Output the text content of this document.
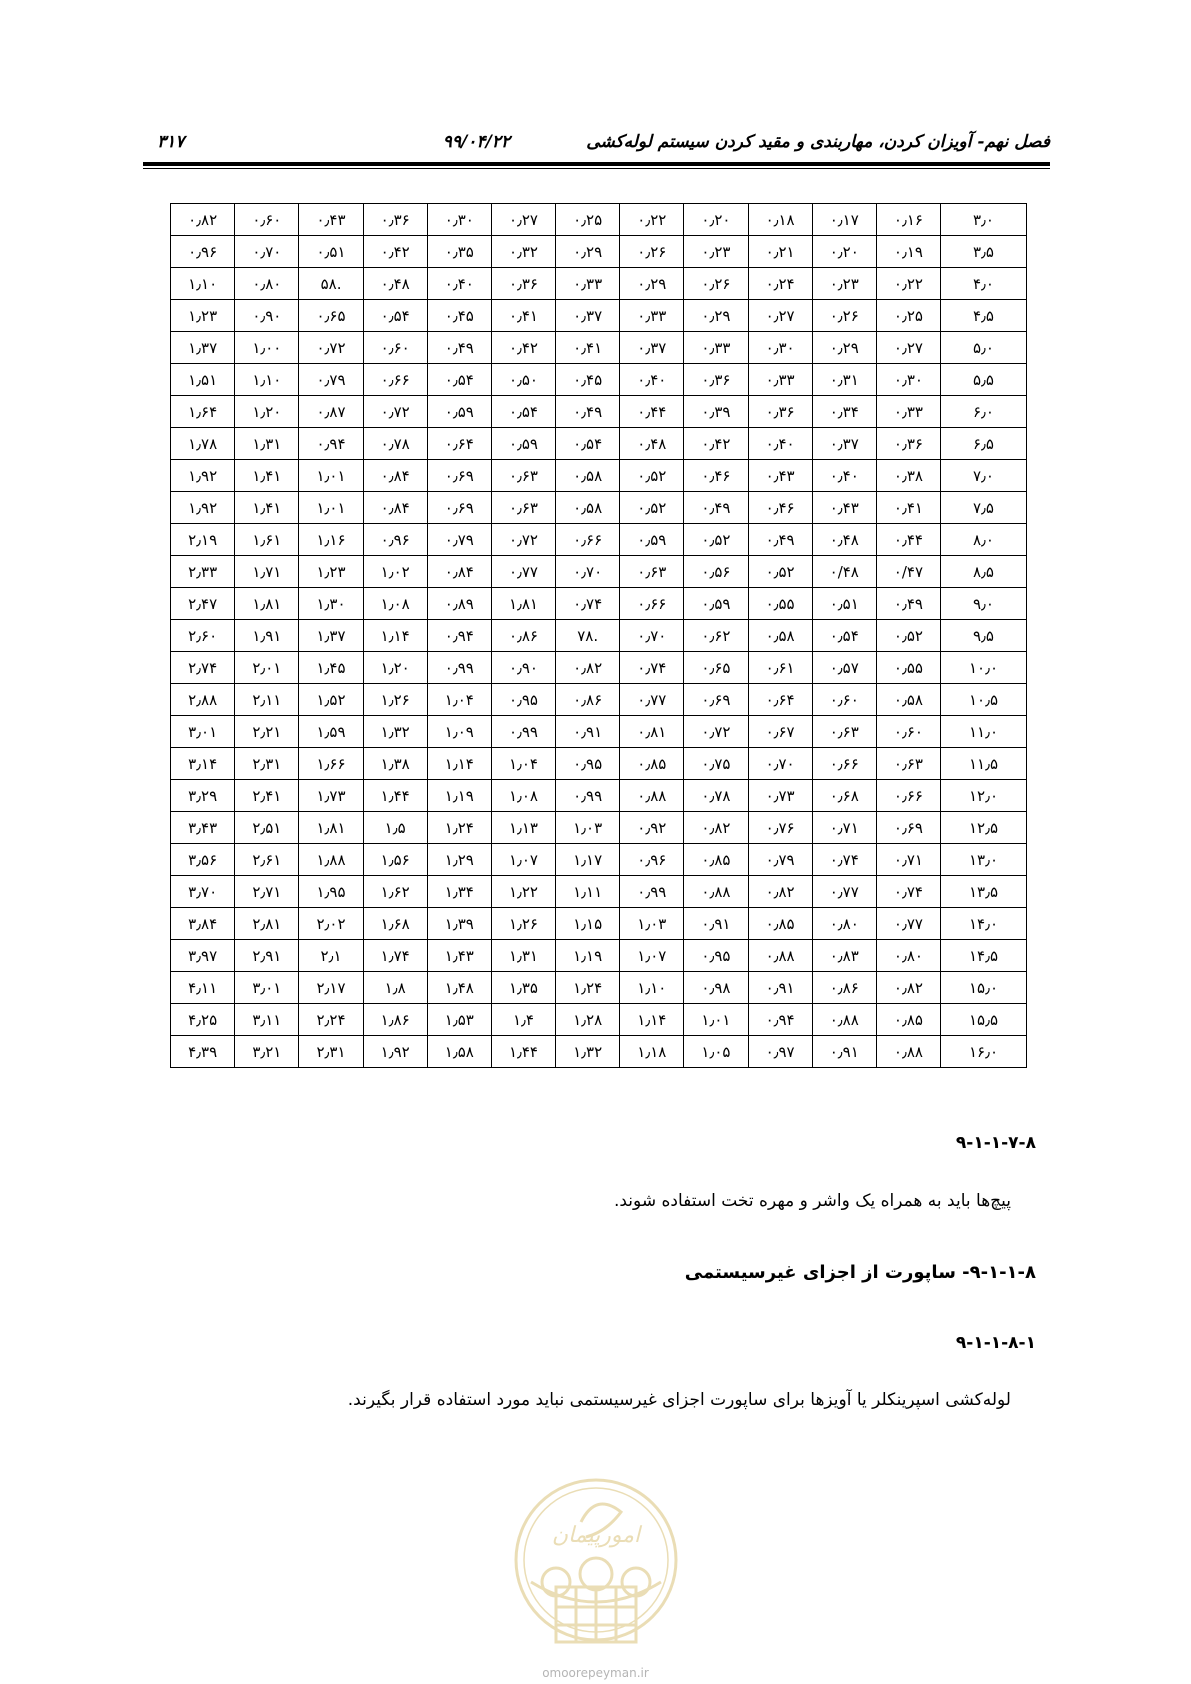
فصل نهم- آویزان کردن، مهاربندی و مقید کردن سیستم لوله‌کشی
۹۹/۰۴/۲۲
۳۱۷
۳٫۰	۰٫۱۶	۰٫۱۷	۰٫۱۸	۰٫۲۰	۰٫۲۲	۰٫۲۵	۰٫۲۷	۰٫۳۰	۰٫۳۶	۰٫۴۳	۰٫۶۰	۰٫۸۲
۳٫۵	۰٫۱۹	۰٫۲۰	۰٫۲۱	۰٫۲۳	۰٫۲۶	۰٫۲۹	۰٫۳۲	۰٫۳۵	۰٫۴۲	۰٫۵۱	۰٫۷۰	۰٫۹۶
۴٫۰	۰٫۲۲	۰٫۲۳	۰٫۲۴	۰٫۲۶	۰٫۲۹	۰٫۳۳	۰٫۳۶	۰٫۴۰	۰٫۴۸	.۵۸	۰٫۸۰	۱٫۱۰
۴٫۵	۰٫۲۵	۰٫۲۶	۰٫۲۷	۰٫۲۹	۰٫۳۳	۰٫۳۷	۰٫۴۱	۰٫۴۵	۰٫۵۴	۰٫۶۵	۰٫۹۰	۱٫۲۳
۵٫۰	۰٫۲۷	۰٫۲۹	۰٫۳۰	۰٫۳۳	۰٫۳۷	۰٫۴۱	۰٫۴۲	۰٫۴۹	۰٫۶۰	۰٫۷۲	۱٫۰۰	۱٫۳۷
۵٫۵	۰٫۳۰	۰٫۳۱	۰٫۳۳	۰٫۳۶	۰٫۴۰	۰٫۴۵	۰٫۵۰	۰٫۵۴	۰٫۶۶	۰٫۷۹	۱٫۱۰	۱٫۵۱
۶٫۰	۰٫۳۳	۰٫۳۴	۰٫۳۶	۰٫۳۹	۰٫۴۴	۰٫۴۹	۰٫۵۴	۰٫۵۹	۰٫۷۲	۰٫۸۷	۱٫۲۰	۱٫۶۴
۶٫۵	۰٫۳۶	۰٫۳۷	۰٫۴۰	۰٫۴۲	۰٫۴۸	۰٫۵۴	۰٫۵۹	۰٫۶۴	۰٫۷۸	۰٫۹۴	۱٫۳۱	۱٫۷۸
۷٫۰	۰٫۳۸	۰٫۴۰	۰٫۴۳	۰٫۴۶	۰٫۵۲	۰٫۵۸	۰٫۶۳	۰٫۶۹	۰٫۸۴	۱٫۰۱	۱٫۴۱	۱٫۹۲
۷٫۵	۰٫۴۱	۰٫۴۳	۰٫۴۶	۰٫۴۹	۰٫۵۲	۰٫۵۸	۰٫۶۳	۰٫۶۹	۰٫۸۴	۱٫۰۱	۱٫۴۱	۱٫۹۲
۸٫۰	۰٫۴۴	۰٫۴۸	۰٫۴۹	۰٫۵۲	۰٫۵۹	۰٫۶۶	۰٫۷۲	۰٫۷۹	۰٫۹۶	۱٫۱۶	۱٫۶۱	۲٫۱۹
۸٫۵	۰/۴۷	۰/۴۸	۰٫۵۲	۰٫۵۶	۰٫۶۳	۰٫۷۰	۰٫۷۷	۰٫۸۴	۱٫۰۲	۱٫۲۳	۱٫۷۱	۲٫۳۳
۹٫۰	۰٫۴۹	۰٫۵۱	۰٫۵۵	۰٫۵۹	۰٫۶۶	۰٫۷۴	۱٫۸۱	۰٫۸۹	۱٫۰۸	۱٫۳۰	۱٫۸۱	۲٫۴۷
۹٫۵	۰٫۵۲	۰٫۵۴	۰٫۵۸	۰٫۶۲	۰٫۷۰	.۷۸	۰٫۸۶	۰٫۹۴	۱٫۱۴	۱٫۳۷	۱٫۹۱	۲٫۶۰
۱۰٫۰	۰٫۵۵	۰٫۵۷	۰٫۶۱	۰٫۶۵	۰٫۷۴	۰٫۸۲	۰٫۹۰	۰٫۹۹	۱٫۲۰	۱٫۴۵	۲٫۰۱	۲٫۷۴
۱۰٫۵	۰٫۵۸	۰٫۶۰	۰٫۶۴	۰٫۶۹	۰٫۷۷	۰٫۸۶	۰٫۹۵	۱٫۰۴	۱٫۲۶	۱٫۵۲	۲٫۱۱	۲٫۸۸
۱۱٫۰	۰٫۶۰	۰٫۶۳	۰٫۶۷	۰٫۷۲	۰٫۸۱	۰٫۹۱	۰٫۹۹	۱٫۰۹	۱٫۳۲	۱٫۵۹	۲٫۲۱	۳٫۰۱
۱۱٫۵	۰٫۶۳	۰٫۶۶	۰٫۷۰	۰٫۷۵	۰٫۸۵	۰٫۹۵	۱٫۰۴	۱٫۱۴	۱٫۳۸	۱٫۶۶	۲٫۳۱	۳٫۱۴
۱۲٫۰	۰٫۶۶	۰٫۶۸	۰٫۷۳	۰٫۷۸	۰٫۸۸	۰٫۹۹	۱٫۰۸	۱٫۱۹	۱٫۴۴	۱٫۷۳	۲٫۴۱	۳٫۲۹
۱۲٫۵	۰٫۶۹	۰٫۷۱	۰٫۷۶	۰٫۸۲	۰٫۹۲	۱٫۰۳	۱٫۱۳	۱٫۲۴	۱٫۵	۱٫۸۱	۲٫۵۱	۳٫۴۳
۱۳٫۰	۰٫۷۱	۰٫۷۴	۰٫۷۹	۰٫۸۵	۰٫۹۶	۱٫۱۷	۱٫۰۷	۱٫۲۹	۱٫۵۶	۱٫۸۸	۲٫۶۱	۳٫۵۶
۱۳٫۵	۰٫۷۴	۰٫۷۷	۰٫۸۲	۰٫۸۸	۰٫۹۹	۱٫۱۱	۱٫۲۲	۱٫۳۴	۱٫۶۲	۱٫۹۵	۲٫۷۱	۳٫۷۰
۱۴٫۰	۰٫۷۷	۰٫۸۰	۰٫۸۵	۰٫۹۱	۱٫۰۳	۱٫۱۵	۱٫۲۶	۱٫۳۹	۱٫۶۸	۲٫۰۲	۲٫۸۱	۳٫۸۴
۱۴٫۵	۰٫۸۰	۰٫۸۳	۰٫۸۸	۰٫۹۵	۱٫۰۷	۱٫۱۹	۱٫۳۱	۱٫۴۳	۱٫۷۴	۲٫۱	۲٫۹۱	۳٫۹۷
۱۵٫۰	۰٫۸۲	۰٫۸۶	۰٫۹۱	۰٫۹۸	۱٫۱۰	۱٫۲۴	۱٫۳۵	۱٫۴۸	۱٫۸	۲٫۱۷	۳٫۰۱	۴٫۱۱
۱۵٫۵	۰٫۸۵	۰٫۸۸	۰٫۹۴	۱٫۰۱	۱٫۱۴	۱٫۲۸	۱٫۴	۱٫۵۳	۱٫۸۶	۲٫۲۴	۳٫۱۱	۴٫۲۵
۱۶٫۰	۰٫۸۸	۰٫۹۱	۰٫۹۷	۱٫۰۵	۱٫۱۸	۱٫۳۲	۱٫۴۴	۱٫۵۸	۱٫۹۲	۲٫۳۱	۳٫۲۱	۴٫۳۹
۹-۱-۱-۷-۸
پیچ‌ها باید به همراه یک واشر و مهره تخت استفاده شوند.
۹-۱-۱-۸- ساپورت از اجزای غیرسیستمی
۹-۱-۱-۸-۱
لوله‌کشی اسپرینکلر یا آویزها برای ساپورت اجزای غیرسیستمی نباید مورد استفاده قرار بگیرند.
امورپیمان
omoorepeyman.ir
